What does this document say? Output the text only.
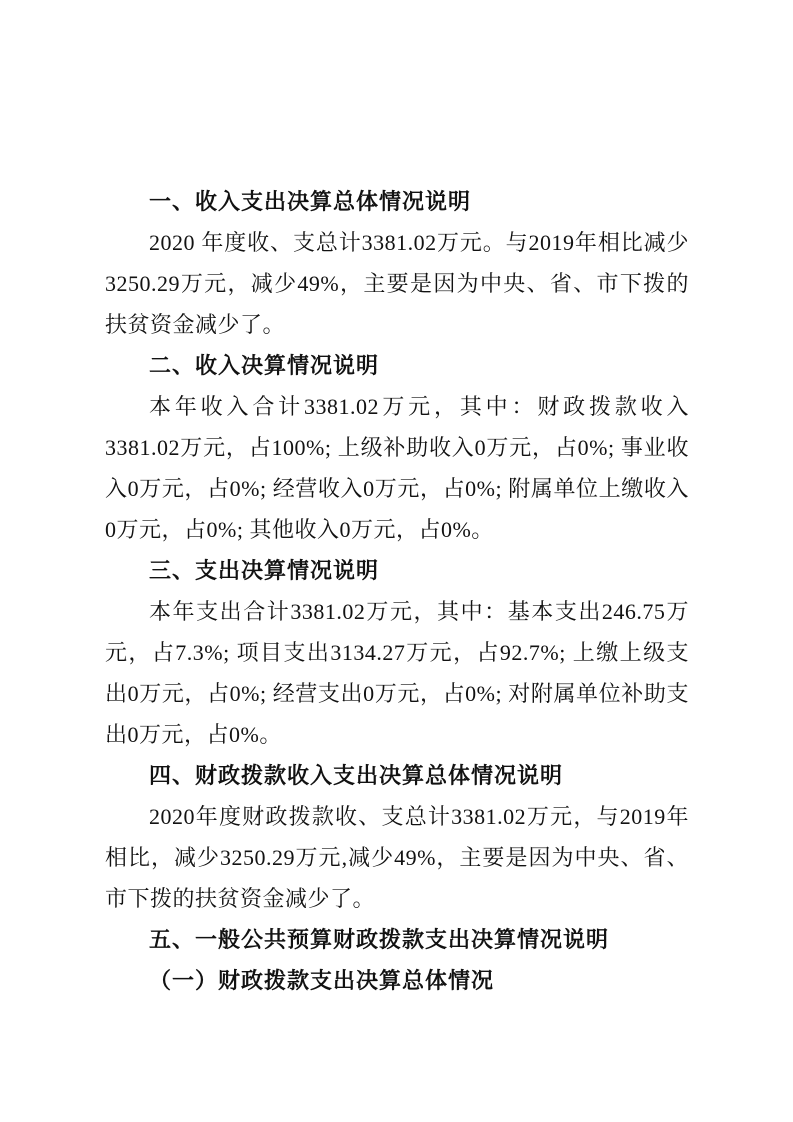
一、收入支出决算总体情况说明

2020 年度收、支总计3381.02万元。与2019年相比减少3250.29万元，减少49%，主要是因为中央、省、市下拨的扶贫资金减少了。

二、收入决算情况说明

本年收入合计3381.02万元，其中：财政拨款收入3381.02万元，占100%; 上级补助收入0万元，占0%; 事业收入0万元，占0%; 经营收入0万元，占0%; 附属单位上缴收入0万元，占0%; 其他收入0万元，占0%。

三、支出决算情况说明

本年支出合计3381.02万元，其中：基本支出246.75万元，占7.3%; 项目支出3134.27万元，占92.7%; 上缴上级支出0万元，占0%; 经营支出0万元，占0%; 对附属单位补助支出0万元，占0%。

四、财政拨款收入支出决算总体情况说明

2020年度财政拨款收、支总计3381.02万元，与2019年相比，减少3250.29万元,减少49%，主要是因为中央、省、市下拨的扶贫资金减少了。

五、一般公共预算财政拨款支出决算情况说明
（一）财政拨款支出决算总体情况
